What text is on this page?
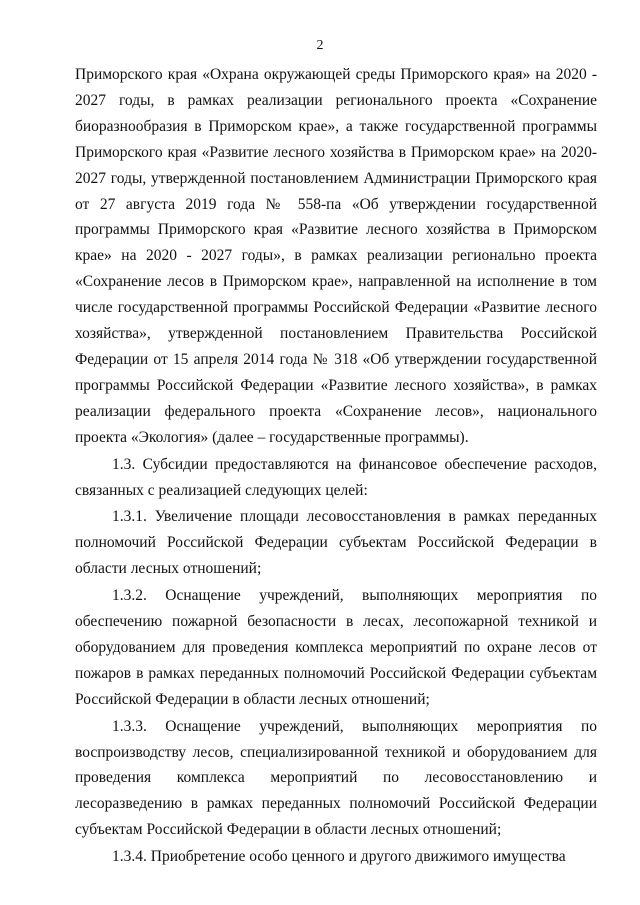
2

Приморского края «Охрана окружающей среды Приморского края» на 2020 - 2027 годы, в рамках реализации регионального проекта «Сохранение биоразнообразия в Приморском крае», а также государственной программы Приморского края «Развитие лесного хозяйства в Приморском крае» на 2020-2027 годы, утвержденной постановлением Администрации Приморского края от 27 августа 2019 года № 558-па «Об утверждении государственной программы Приморского края «Развитие лесного хозяйства в Приморском крае» на 2020 - 2027 годы», в рамках реализации регионально проекта «Сохранение лесов в Приморском крае», направленной на исполнение в том числе государственной программы Российской Федерации «Развитие лесного хозяйства», утвержденной постановлением Правительства Российской Федерации от 15 апреля 2014 года № 318 «Об утверждении государственной программы Российской Федерации «Развитие лесного хозяйства», в рамках реализации федерального проекта «Сохранение лесов», национального проекта «Экология» (далее – государственные программы).

1.3. Субсидии предоставляются на финансовое обеспечение расходов, связанных с реализацией следующих целей:

1.3.1. Увеличение площади лесовосстановления в рамках переданных полномочий Российской Федерации субъектам Российской Федерации в области лесных отношений;

1.3.2. Оснащение учреждений, выполняющих мероприятия по обеспечению пожарной безопасности в лесах, лесопожарной техникой и оборудованием для проведения комплекса мероприятий по охране лесов от пожаров в рамках переданных полномочий Российской Федерации субъектам Российской Федерации в области лесных отношений;

1.3.3. Оснащение учреждений, выполняющих мероприятия по воспроизводству лесов, специализированной техникой и оборудованием для проведения комплекса мероприятий по лесовосстановлению и лесоразведению в рамках переданных полномочий Российской Федерации субъектам Российской Федерации в области лесных отношений;

1.3.4. Приобретение особо ценного и другого движимого имущества
